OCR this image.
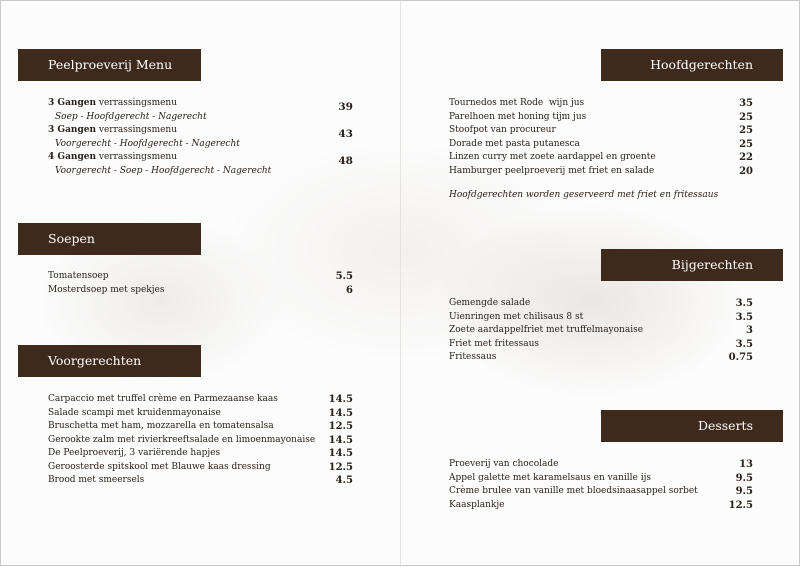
Peelproeverij Menu
3 Gangen verrassingsmenu
Soep - Hoofdgerecht - Nagerecht
39
3 Gangen verrassingsmenu
Voorgerecht - Hoofdgerecht - Nagerecht
43
4 Gangen verrassingsmenu
Voorgerecht - Soep - Hoofdgerecht - Nagerecht
48
Soepen
Tomatensoep	5.5
Mosterdsoep met spekjes	6
Voorgerechten
Carpaccio met truffel crème en Parmezaanse kaas	14.5
Salade scampi met kruidenmayonaise	14.5
Bruschetta met ham, mozzarella en tomatensalsa	12.5
Gerookte zalm met rivierkreeftsalade en limoenmayonaise 14.5
De Peelproeverij, 3 variërende hapjes	14.5
Geroosterde spitskool met Blauwe kaas dressing	12.5
Brood met smeersels	4.5
Hoofdgerechten
Tournedos met Rode  wijn jus	35
Parelhoen met honing tijm jus	25
Stoofpot van procureur	25
Dorade met pasta putanesca	25
Linzen curry met zoete aardappel en groente	22
Hamburger peelproeverij met friet en salade	20
Hoofdgerechten worden geserveerd met friet en fritessaus
Bijgerechten
Gemengde salade	3.5
Uienringen met chilisaus 8 st	3.5
Zoete aardappelfriet met truffelmayonaise	3
Friet met fritessaus	3.5
Fritessaus	0.75
Desserts
Proeverij van chocolade	13
Appel galette met karamelsaus en vanille ijs	9.5
Crème brulee van vanille met bloedsinaasappel sorbet	9.5
Kaasplankje	12.5
